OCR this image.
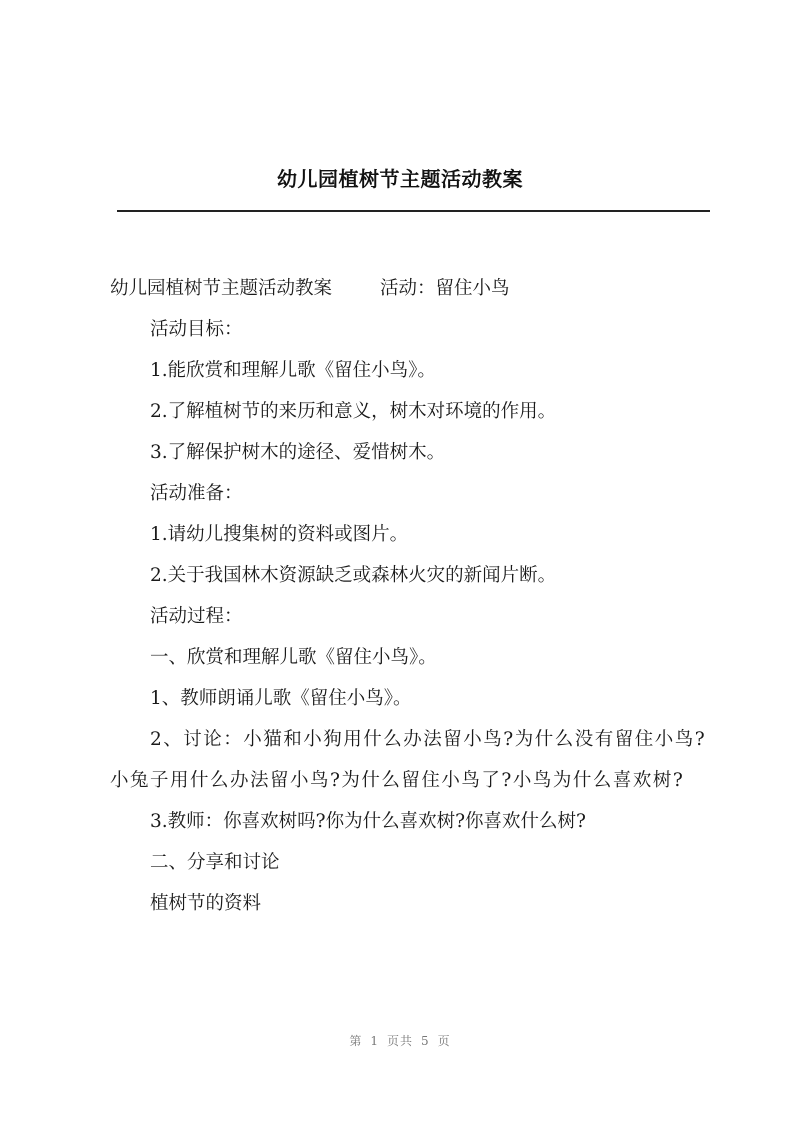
幼儿园植树节主题活动教案

幼儿园植树节主题活动教案	活动：留住小鸟

活动目标：

1.能欣赏和理解儿歌《留住小鸟》。

2.了解植树节的来历和意义，树木对环境的作用。

3.了解保护树木的途径、爱惜树木。

活动准备：

1.请幼儿搜集树的资料或图片。

2.关于我国林木资源缺乏或森林火灾的新闻片断。

活动过程：

一、欣赏和理解儿歌《留住小鸟》。

1、教师朗诵儿歌《留住小鸟》。

2、讨论：小猫和小狗用什么办法留小鸟?为什么没有留住小鸟?小兔子用什么办法留小鸟?为什么留住小鸟了?小鸟为什么喜欢树?

3.教师：你喜欢树吗?你为什么喜欢树?你喜欢什么树?

二、分享和讨论

植树节的资料

第 1 页共 5 页
